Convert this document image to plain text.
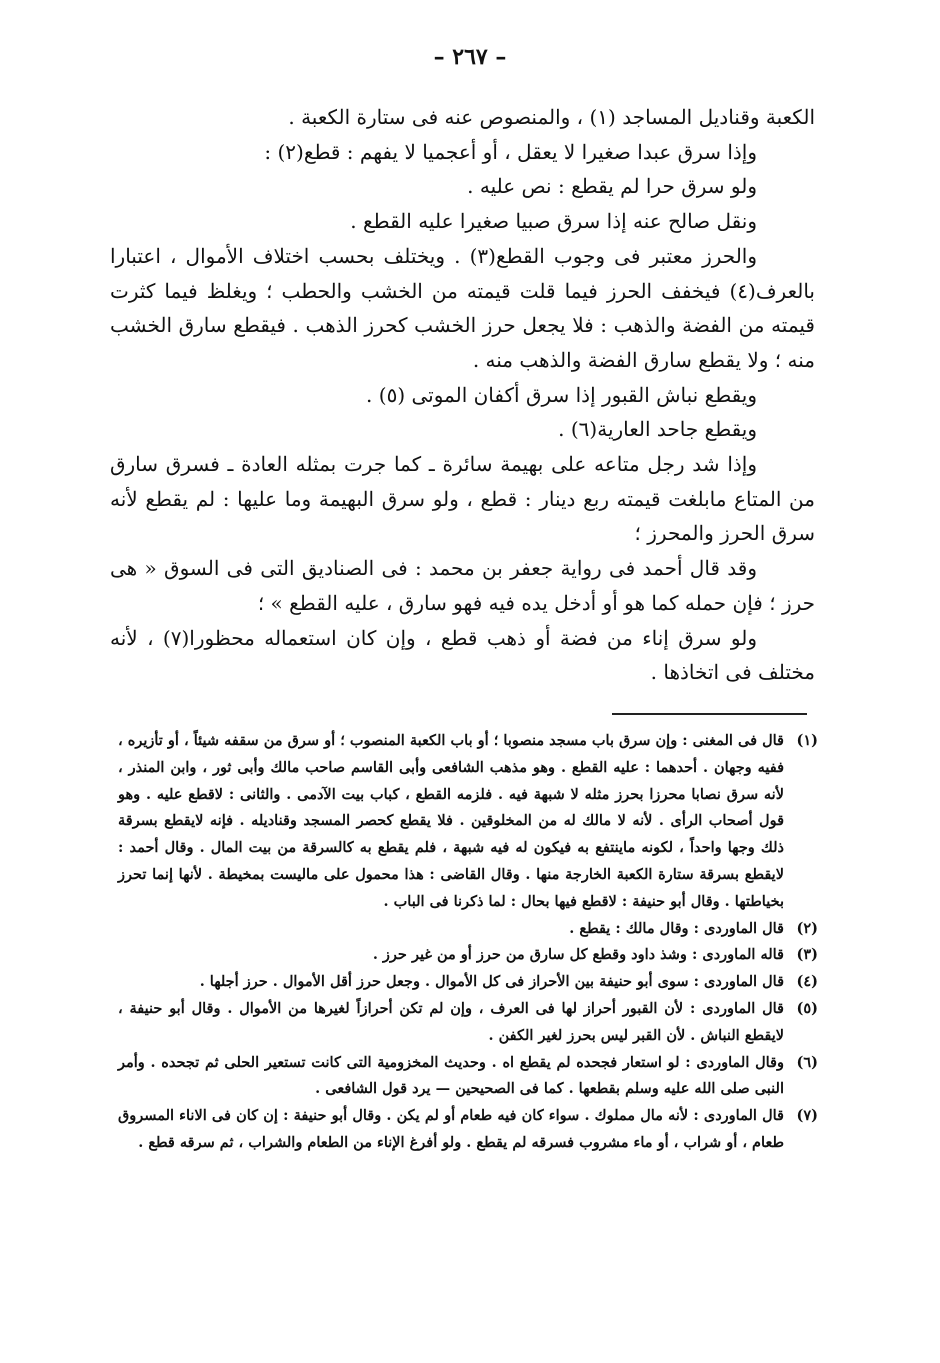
– ٢٦٧ –

الكعبة وقناديل المساجد (١) ، والمنصوص عنه فى ستارة الكعبة .

وإذا سرق عبدا صغيرا لا يعقل ، أو أعجميا لا يفهم : قطع(٢) :

ولو سرق حرا لم يقطع : نص عليه .

ونقل صالح عنه إذا سرق صبيا صغيرا عليه القطع .

والحرز معتبر فى وجوب القطع(٣) . ويختلف بحسب اختلاف الأموال ، اعتبارا بالعرف(٤) فيخفف الحرز فيما قلت قيمته من الخشب والحطب ؛ ويغلظ فيما كثرت قيمته من الفضة والذهب : فلا يجعل حرز الخشب كحرز الذهب . فيقطع سارق الخشب منه ؛ ولا يقطع سارق الفضة والذهب منه .

ويقطع نباش القبور إذا سرق أكفان الموتى (٥) .

ويقطع جاحد العارية(٦) .

وإذا شد رجل متاعه على بهيمة سائرة ـ كما جرت بمثله العادة ـ فسرق سارق من المتاع مابلغت قيمته ربع دينار : قطع ، ولو سرق البهيمة وما عليها : لم يقطع لأنه سرق الحرز والمحرز ؛

وقد قال أحمد فى رواية جعفر بن محمد : فى الصناديق التى فى السوق « هى حرز ؛ فإن حمله كما هو أو أدخل يده فيه فهو سارق ، عليه القطع » ؛

ولو سرق إناء من فضة أو ذهب قطع ، وإن كان استعماله محظورا(٧) ، لأنه مختلف فى اتخاذها .

(١)
قال فى المغنى : وإن سرق باب مسجد منصوبا ؛ أو باب الكعبة المنصوب ؛ أو سرق من سقفه شيئاً ، أو تأزيره ، ففيه وجهان . أحدهما : عليه القطع . وهو مذهب الشافعى وأبى القاسم صاحب مالك وأبى ثور ، وابن المنذر ، لأنه سرق نصابا محرزا بحرز مثله لا شبهة فيه . فلزمه القطع ، كباب بيت الآدمى . والثانى : لاقطع عليه . وهو قول أصحاب الرأى . لأنه لا مالك له من المخلوقين . فلا يقطع كحصر المسجد وقناديله . فإنه لايقطع بسرقة ذلك وجها واحداً ، لكونه ماينتفع به فيكون له فيه شبهة ، فلم يقطع به كالسرقة من بيت المال . وقال أحمد : لايقطع بسرقة ستارة الكعبة الخارجة منها . وقال القاضى : هذا محمول على ماليست بمخيطة . لأنها إنما تحرز بخياطتها . وقال أبو حنيفة : لاقطع فيها بحال : لما ذكرنا فى الباب .
(٢)
قال الماوردى : وقال مالك : يقطع .
(٣)
قاله الماوردى : وشذ داود وقطع كل سارق من حرز أو من غير حرز .
(٤)
قال الماوردى : سوى أبو حنيفة بين الأحراز فى كل الأموال . وجعل حرز أقل الأموال . حرز أجلها .
(٥)
قال الماوردى : لأن القبور أحراز لها فى العرف ، وإن لم تكن أحرازاً لغيرها من الأموال . وقال أبو حنيفة ، لايقطع النباش . لأن القبر ليس بحرز لغير الكفن .
(٦)
وقال الماوردى : لو استعار فجحده لم يقطع اه . وحديث المخزومية التى كانت تستعير الحلى ثم تجحده . وأمر النبى صلى الله عليه وسلم بقطعها . كما فى الصحيحين — يرد قول الشافعى .
(٧)
قال الماوردى : لأنه مال مملوك . سواء كان فيه طعام أو لم يكن . وقال أبو حنيفة : إن كان فى الاناء المسروق طعام ، أو شراب ، أو ماء مشروب فسرقه لم يقطع . ولو أفرغ الإناء من الطعام والشراب ، ثم سرقه قطع .
